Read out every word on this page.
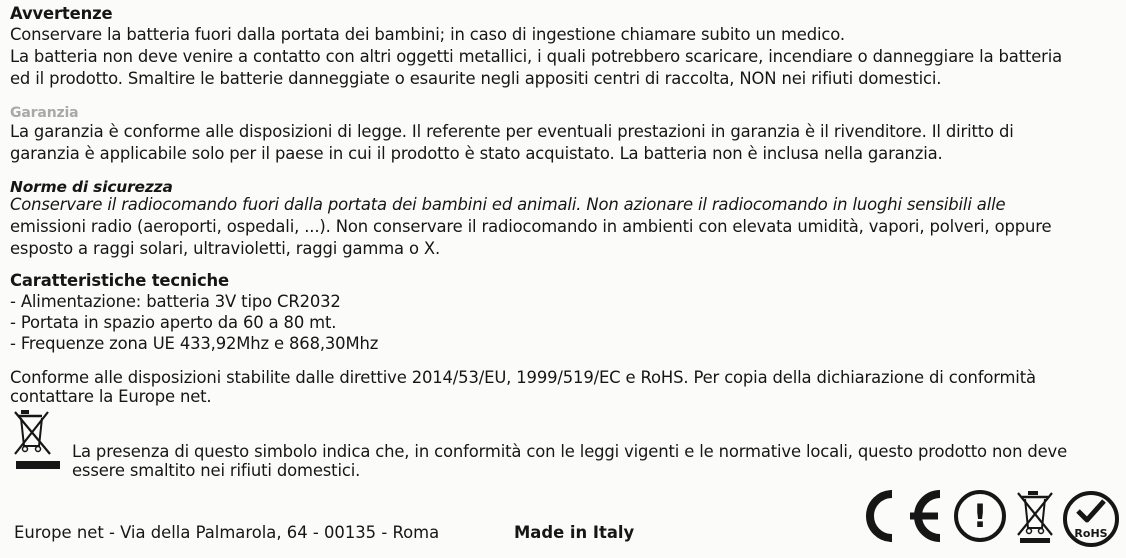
Avvertenze

Conservare la batteria fuori dalla portata dei bambini; in caso di ingestione chiamare subito un medico.

La batteria non deve venire a contatto con altri oggetti metallici, i quali potrebbero scaricare, incendiare o danneggiare la batteria

ed il prodotto. Smaltire le batterie danneggiate o esaurite negli appositi centri di raccolta, NON nei rifiuti domestici.

Garanzia

La garanzia è conforme alle disposizioni di legge. Il referente per eventuali prestazioni in garanzia è il rivenditore. Il diritto di

garanzia è applicabile solo per il paese in cui il prodotto è stato acquistato. La batteria non è inclusa nella garanzia.

Norme di sicurezza

Conservare il radiocomando fuori dalla portata dei bambini ed animali. Non azionare il radiocomando in luoghi sensibili alle

emissioni radio (aeroporti, ospedali, ...). Non conservare il radiocomando in ambienti con elevata umidità, vapori, polveri, oppure

esposto a raggi solari, ultravioletti, raggi gamma o X.

Caratteristiche tecniche

- Alimentazione: batteria 3V tipo CR2032

- Portata in spazio aperto da 60 a 80 mt.

- Frequenze zona UE 433,92Mhz e 868,30Mhz

Conforme alle disposizioni stabilite dalle direttive 2014/53/EU, 1999/519/EC e RoHS. Per copia della dichiarazione di conformità

contattare la Europe net.

La presenza di questo simbolo indica che, in conformità con le leggi vigenti e le normative locali, questo prodotto non deve

essere smaltito nei rifiuti domestici.

Europe net - Via della Palmarola, 64 - 00135 - Roma	Made in Italy	!	RoHS
